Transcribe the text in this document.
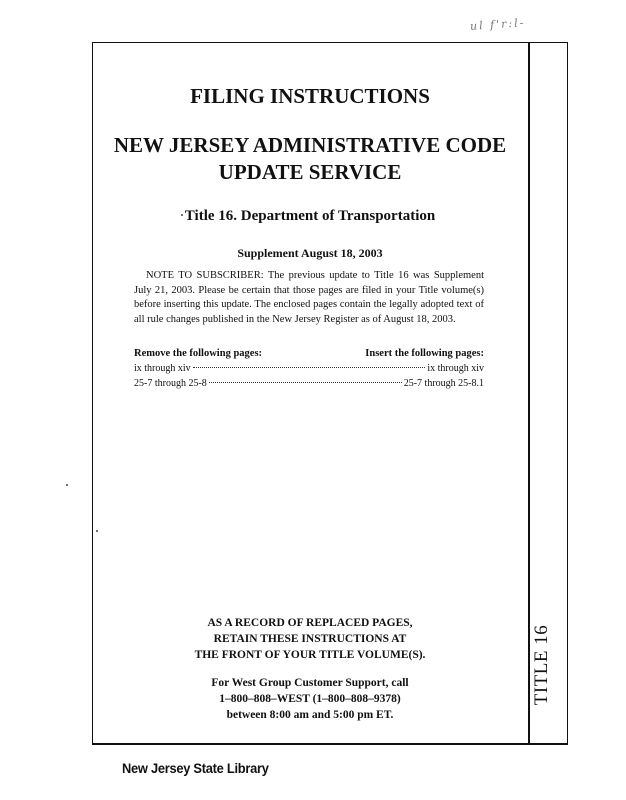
ul f'r:l-
FILING INSTRUCTIONS
NEW JERSEY ADMINISTRATIVE CODE
UPDATE SERVICE
Title 16. Department of Transportation
Supplement August 18, 2003
NOTE TO SUBSCRIBER: The previous update to Title 16 was Supplement July 21, 2003. Please be certain that those pages are filed in your Title volume(s) before inserting this update. The enclosed pages contain the legally adopted text of all rule changes published in the New Jersey Register as of August 18, 2003.
Remove the following pages:	Insert the following pages:
ix through xiv	ix through xiv
25-7 through 25-8	25-7 through 25-8.1
AS A RECORD OF REPLACED PAGES,
RETAIN THESE INSTRUCTIONS AT
THE FRONT OF YOUR TITLE VOLUME(S).
For West Group Customer Support, call
1–800–808–WEST (1–800–808–9378)
between 8:00 am and 5:00 pm ET.
TITLE 16
New Jersey State Library
